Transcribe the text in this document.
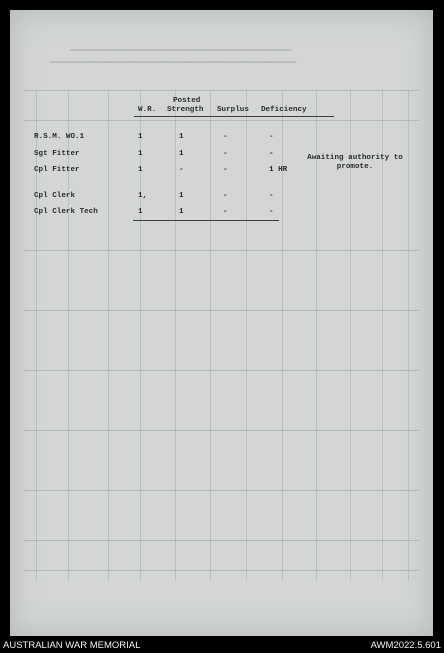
▔▔▔▔▔▔▔▔▔▔▔▔▔▔▔▔▔▔▔▔▔▔▔▔▔▔▔▔▔▔▔▔▔▔▔▔
▔▔▔▔▔▔▔▔▔▔▔▔▔▔▔▔▔▔▔▔▔▔▔▔▔▔▔▔▔▔▔▔▔▔▔▔▔▔▔▔
Posted
W.R. Strength Surplus Deficiency
R.S.M. WO.1	1	1	-	-
Sgt Fitter	1	1	-	-
Cpl Fitter	1	-	-	1 HR
Awaiting authority to promote.
Cpl Clerk	1,	1	-	-
Cpl Clerk Tech	1	1	-	-
AUSTRALIAN WAR MEMORIAL	AWM2022.5.601
